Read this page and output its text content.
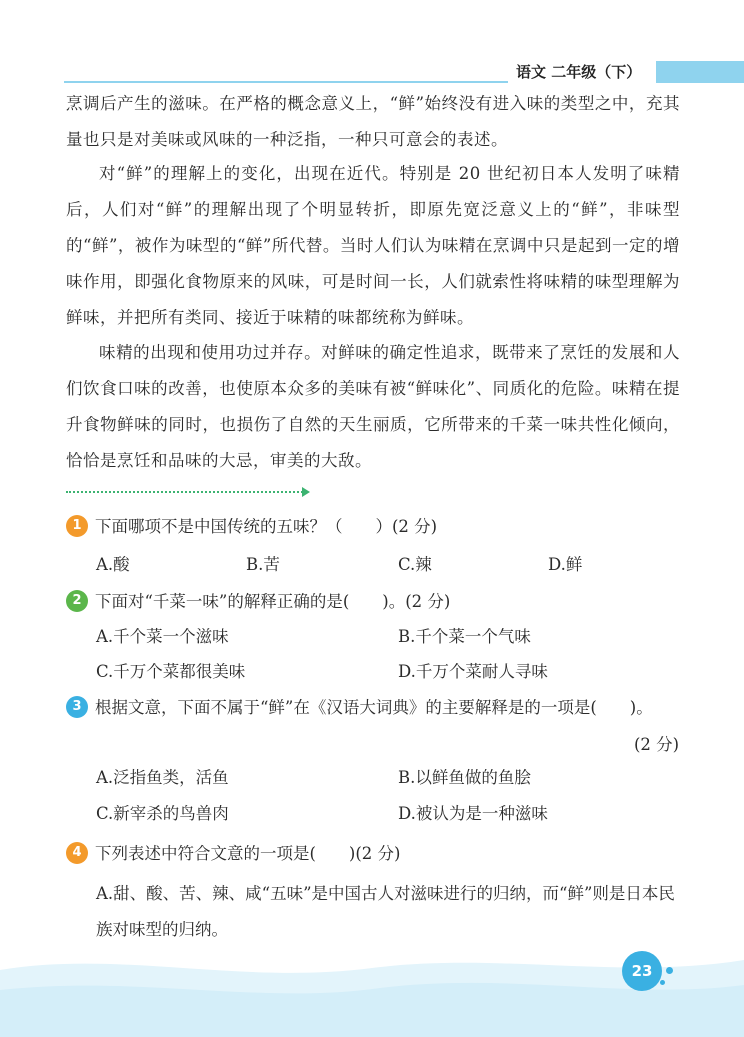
语文 二年级（下）

烹调后产生的滋味。在严格的概念意义上，“鲜”始终没有进入味的类型之中，充其量也只是对美味或风味的一种泛指，一种只可意会的表述。

对“鲜”的理解上的变化，出现在近代。特别是 20 世纪初日本人发明了味精后，人们对“鲜”的理解出现了个明显转折，即原先宽泛意义上的“鲜”，非味型的“鲜”，被作为味型的“鲜”所代替。当时人们认为味精在烹调中只是起到一定的增味作用，即强化食物原来的风味，可是时间一长，人们就索性将味精的味型理解为鲜味，并把所有类同、接近于味精的味都统称为鲜味。

味精的出现和使用功过并存。对鲜味的确定性追求，既带来了烹饪的发展和人们饮食口味的改善，也使原本众多的美味有被“鲜味化”、同质化的危险。味精在提升食物鲜味的同时，也损伤了自然的天生丽质，它所带来的千菜一味共性化倾向，恰恰是烹饪和品味的大忌，审美的大敌。

1 下面哪项不是中国传统的五味？（　　）(2 分)
A.酸	B.苦	C.辣	D.鲜
2 下面对“千菜一味”的解释正确的是(　　)。(2 分)
A.千个菜一个滋味	B.千个菜一个气味
C.千万个菜都很美味	D.千万个菜耐人寻味
3 根据文意，下面不属于“鲜”在《汉语大词典》的主要解释是的一项是(　　)。
(2 分)
A.泛指鱼类，活鱼	B.以鲜鱼做的鱼脍
C.新宰杀的鸟兽肉	D.被认为是一种滋味
4 下列表述中符合文意的一项是(　　)(2 分)
A.甜、酸、苦、辣、咸“五味”是中国古人对滋味进行的归纳，而“鲜”则是日本民族对味型的归纳。
23
